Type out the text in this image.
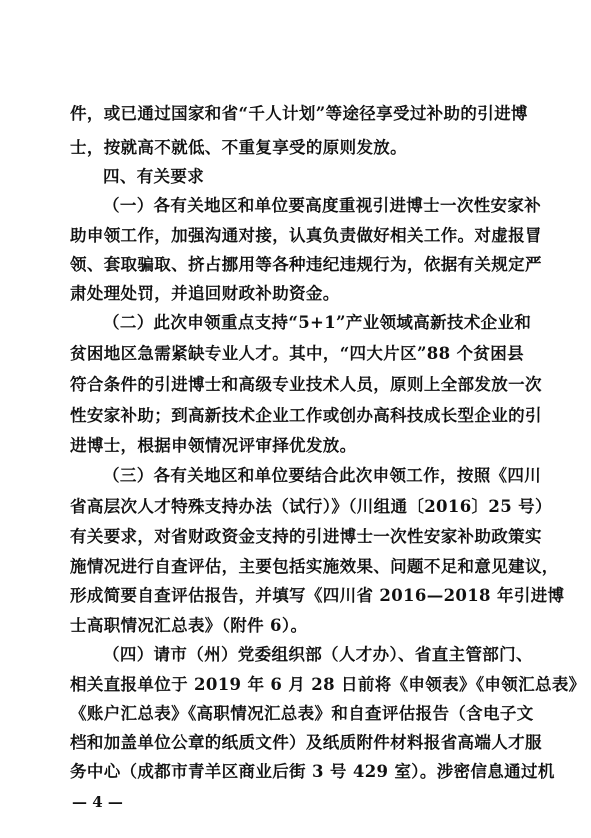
件，或已通过国家和省“千人计划”等途径享受过补助的引进博
士，按就高不就低、不重复享受的原则发放。
四、有关要求
（一）各有关地区和单位要高度重视引进博士一次性安家补
助申领工作，加强沟通对接，认真负责做好相关工作。对虚报冒
领、套取骗取、挤占挪用等各种违纪违规行为，依据有关规定严
肃处理处罚，并追回财政补助资金。
（二）此次申领重点支持“5+1”产业领域高新技术企业和
贫困地区急需紧缺专业人才。其中，“四大片区”88 个贫困县
符合条件的引进博士和高级专业技术人员，原则上全部发放一次
性安家补助；到高新技术企业工作或创办高科技成长型企业的引
进博士，根据申领情况评审择优发放。
（三）各有关地区和单位要结合此次申领工作，按照《四川
省高层次人才特殊支持办法（试行）》（川组通〔2016〕25 号）
有关要求，对省财政资金支持的引进博士一次性安家补助政策实
施情况进行自查评估，主要包括实施效果、问题不足和意见建议，
形成简要自查评估报告，并填写《四川省 2016—2018 年引进博
士高职情况汇总表》（附件 6）。
（四）请市（州）党委组织部（人才办）、省直主管部门、
相关直报单位于 2019 年 6 月 28 日前将《申领表》《申领汇总表》
《账户汇总表》《高职情况汇总表》和自查评估报告（含电子文
档和加盖单位公章的纸质文件）及纸质附件材料报省高端人才服
务中心（成都市青羊区商业后街 3 号 429 室）。涉密信息通过机
— 4 —
